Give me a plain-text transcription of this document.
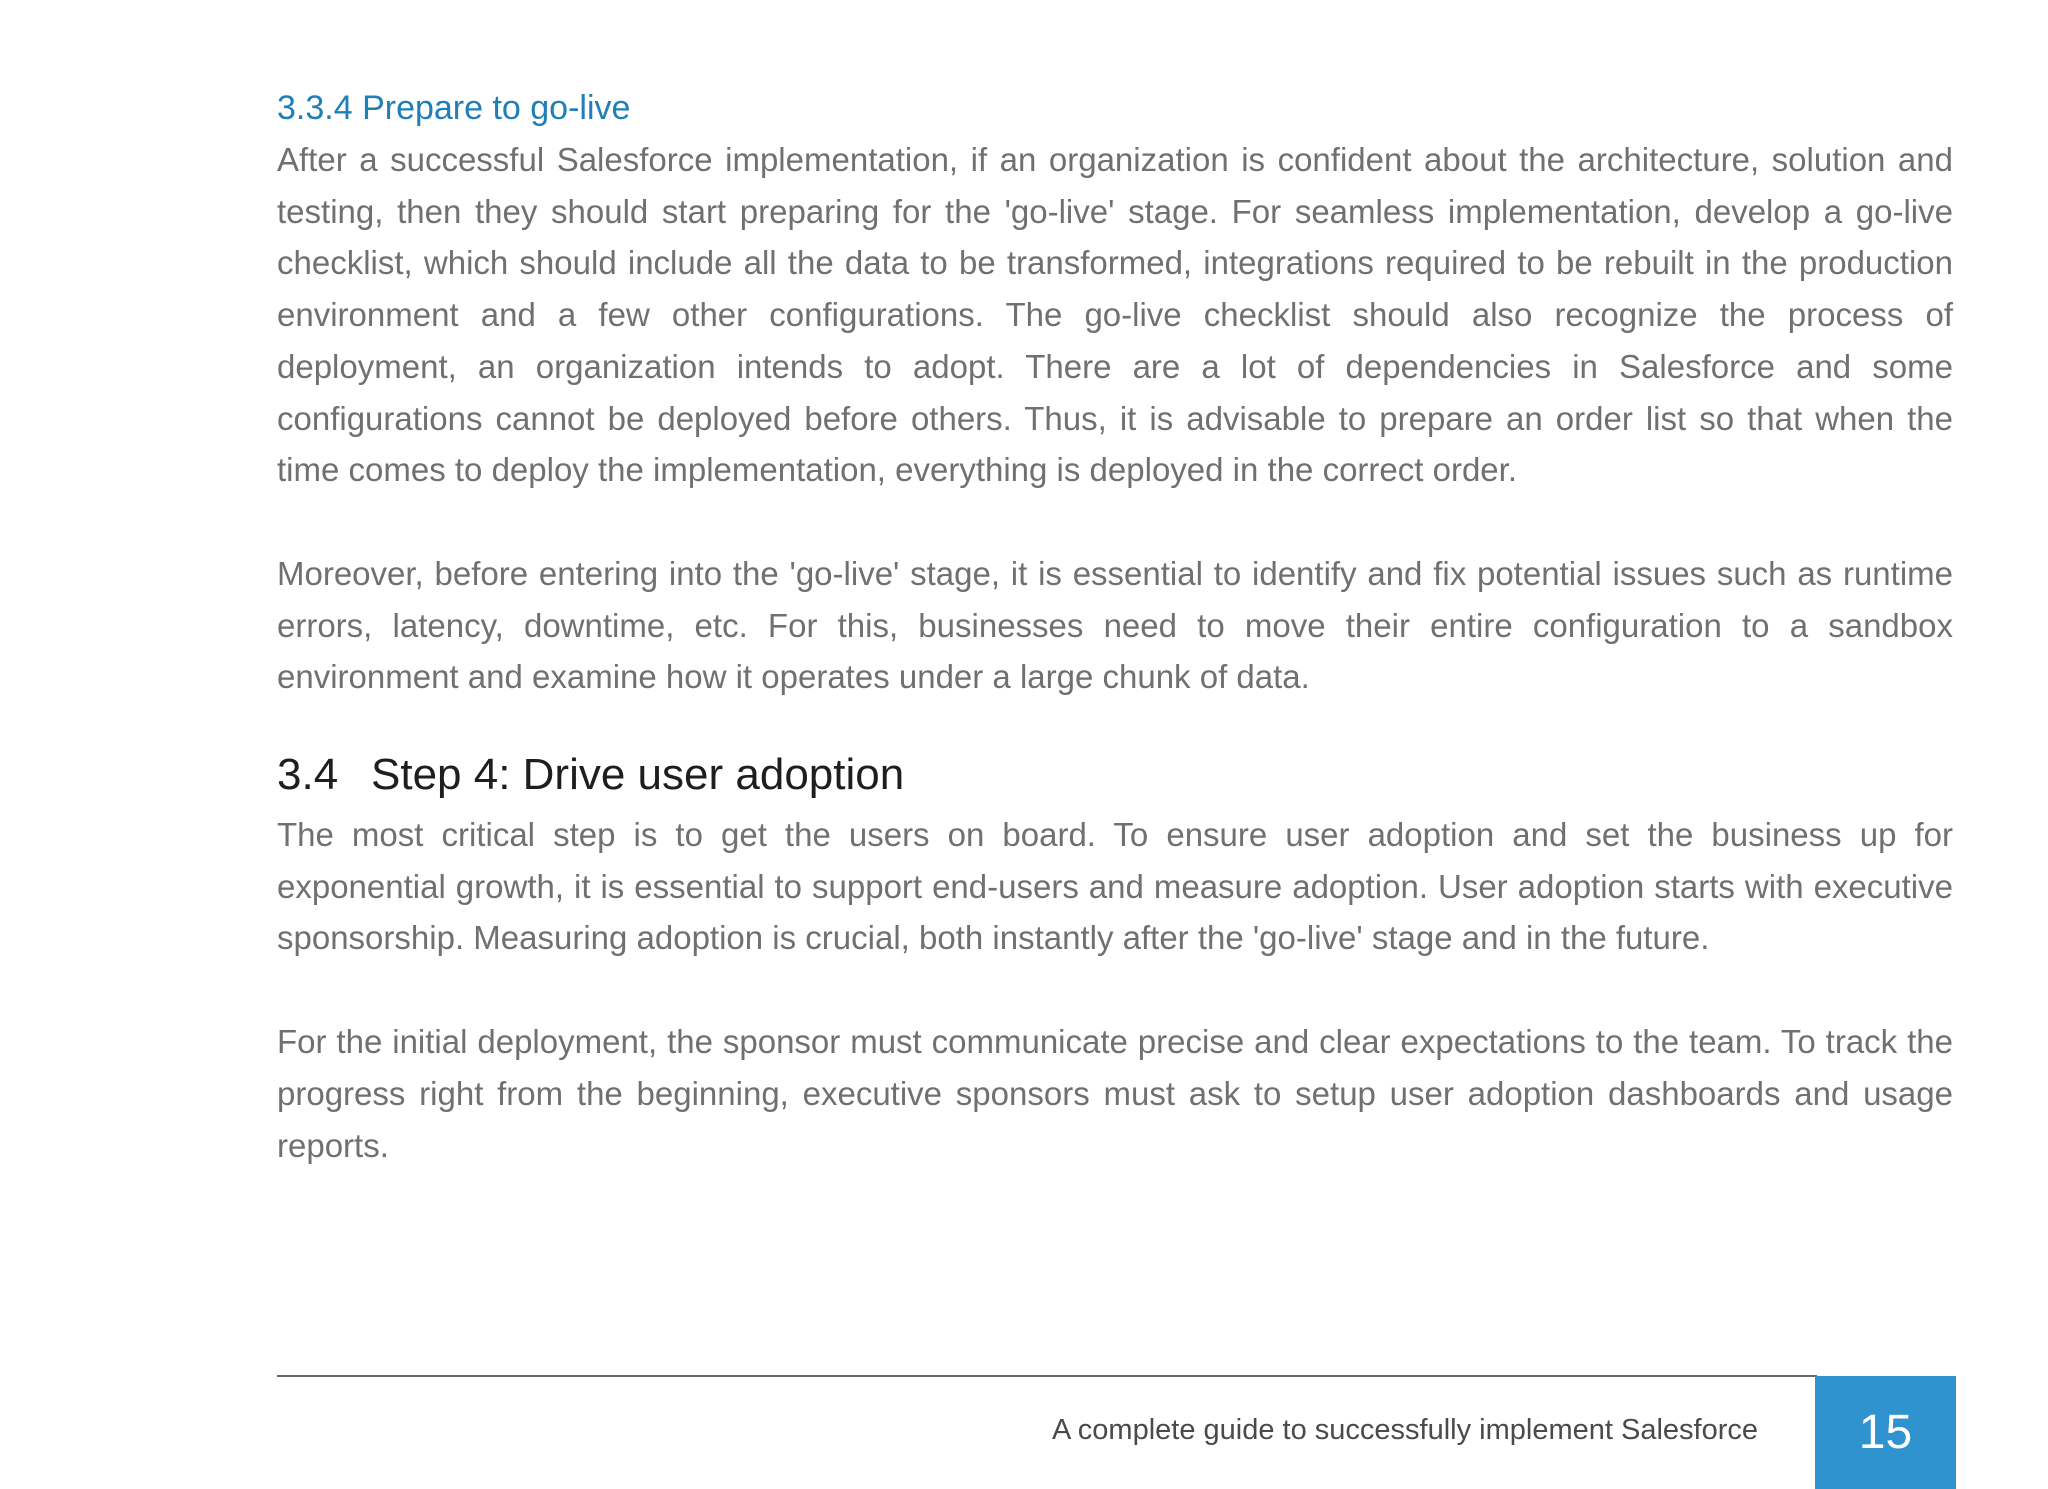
3.3.4 Prepare to go-live

After a successful Salesforce implementation, if an organization is confident about the architecture, solution and testing, then they should start preparing for the 'go-live' stage. For seamless implementation, develop a go-live checklist, which should include all the data to be transformed, integrations required to be rebuilt in the production environment and a few other configurations. The go-live checklist should also recognize the process of deployment, an organization intends to adopt. There are a lot of dependencies in Salesforce and some configurations cannot be deployed before others. Thus, it is advisable to prepare an order list so that when the time comes to deploy the implementation, everything is deployed in the correct order.

Moreover, before entering into the 'go-live' stage, it is essential to identify and fix potential issues such as runtime errors, latency, downtime, etc. For this, businesses need to move their entire configuration to a sandbox environment and examine how it operates under a large chunk of data.

3.4 Step 4: Drive user adoption

The most critical step is to get the users on board. To ensure user adoption and set the business up for exponential growth, it is essential to support end-users and measure adoption. User adoption starts with executive sponsorship. Measuring adoption is crucial, both instantly after the 'go-live' stage and in the future.

For the initial deployment, the sponsor must communicate precise and clear expectations to the team. To track the progress right from the beginning, executive sponsors must ask to setup user adoption dashboards and usage reports.

A complete guide to successfully implement Salesforce 15
